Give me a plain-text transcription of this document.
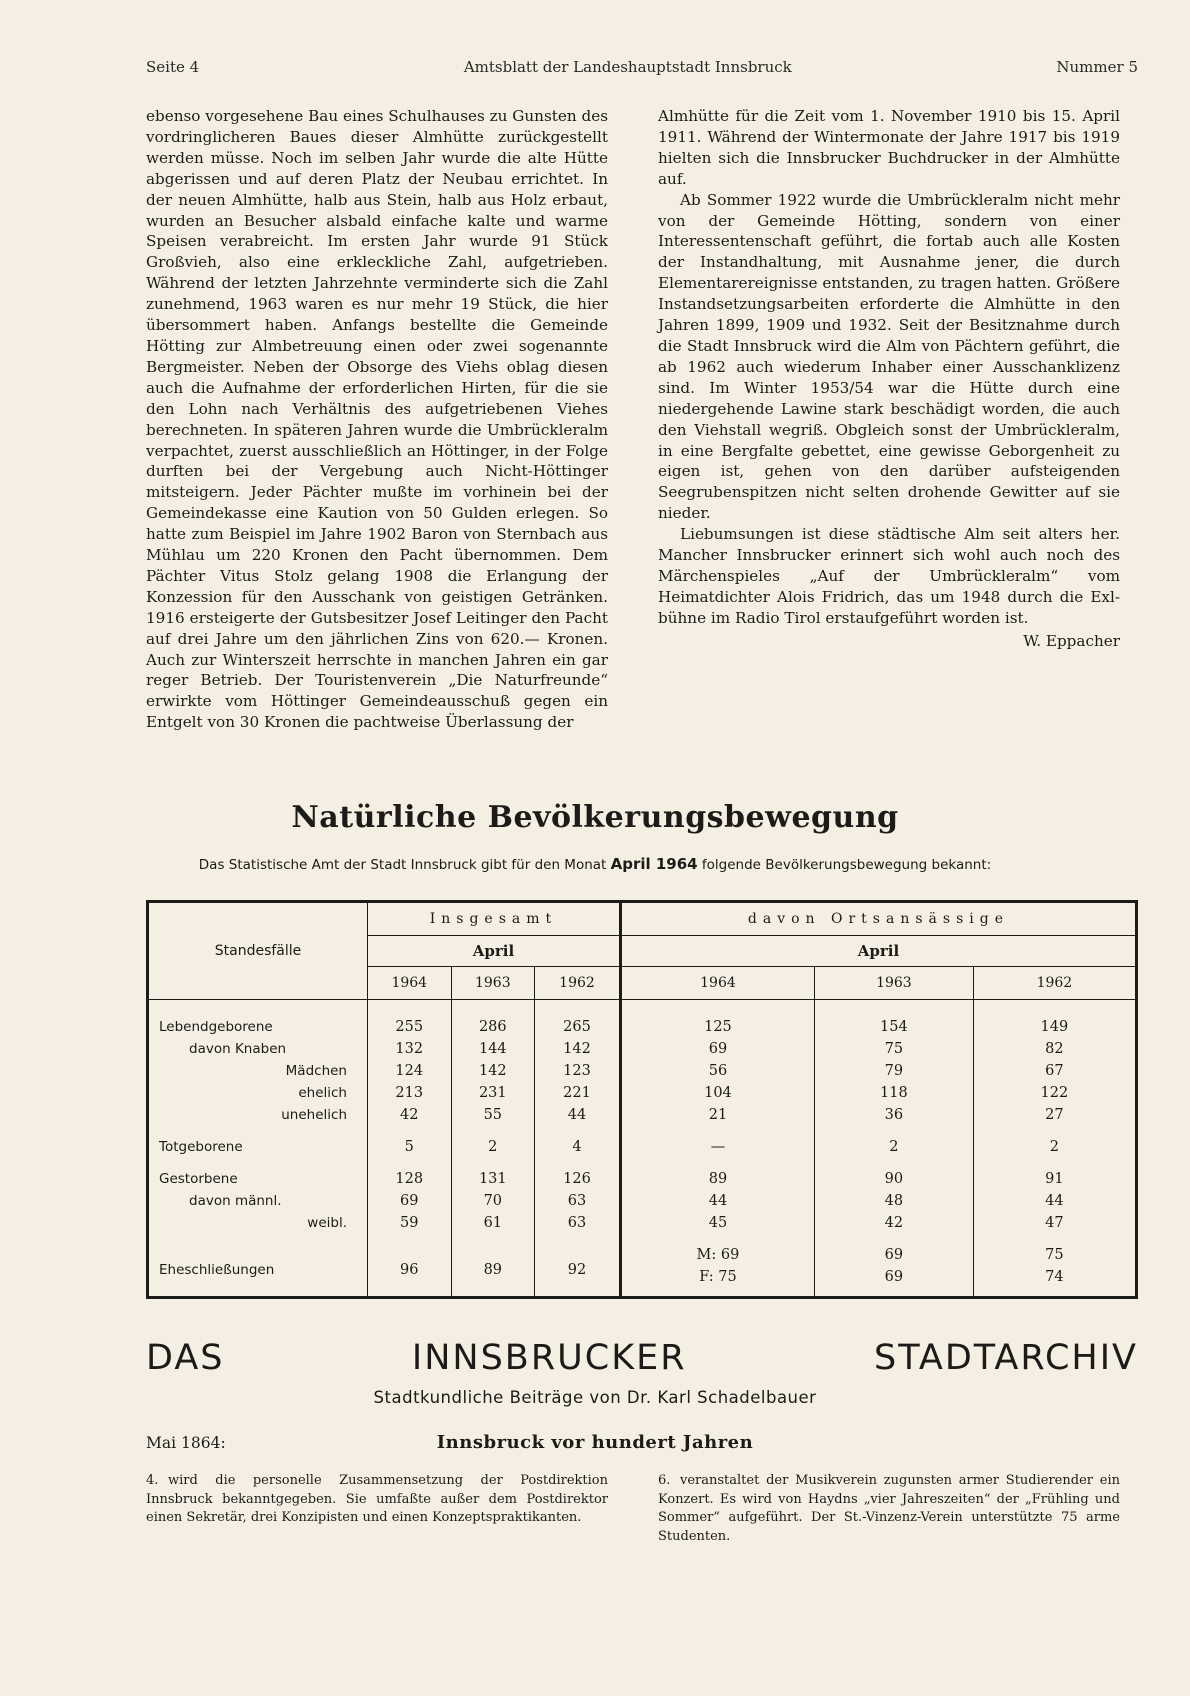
Seite 4	Amtsblatt der Landeshauptstadt Innsbruck	Nummer 5

ebenso vorgesehene Bau eines Schulhauses zu Gunsten des vordringlicheren Baues dieser Almhütte zurückgestellt werden müsse. Noch im selben Jahr wurde die alte Hütte abgerissen und auf deren Platz der Neubau errichtet. In der neuen Almhütte, halb aus Stein, halb aus Holz erbaut, wurden an Besucher alsbald einfache kalte und warme Speisen verabreicht. Im ersten Jahr wurde 91 Stück Großvieh, also eine erkleckliche Zahl, aufgetrieben. Während der letzten Jahrzehnte verminderte sich die Zahl zunehmend, 1963 waren es nur mehr 19 Stück, die hier übersommert haben. Anfangs bestellte die Gemeinde Hötting zur Almbetreuung einen oder zwei sogenannte Bergmeister. Neben der Obsorge des Viehs oblag diesen auch die Aufnahme der erforderlichen Hirten, für die sie den Lohn nach Verhältnis des aufgetriebenen Viehes berechneten. In späteren Jahren wurde die Umbrückleralm verpachtet, zuerst ausschließlich an Höttinger, in der Folge durften bei der Vergebung auch Nicht-Höttinger mitsteigern. Jeder Pächter mußte im vorhinein bei der Gemeindekasse eine Kaution von 50 Gulden erlegen. So hatte zum Beispiel im Jahre 1902 Baron von Sternbach aus Mühlau um 220 Kronen den Pacht übernommen. Dem Pächter Vitus Stolz gelang 1908 die Erlangung der Konzession für den Ausschank von geistigen Getränken. 1916 ersteigerte der Gutsbesitzer Josef Leitinger den Pacht auf drei Jahre um den jährlichen Zins von 620.— Kronen. Auch zur Winterszeit herrschte in manchen Jahren ein gar reger Betrieb. Der Touristenverein „Die Naturfreunde“ erwirkte vom Höttinger Gemeindeausschuß gegen ein Entgelt von 30 Kronen die pachtweise Überlassung der

Almhütte für die Zeit vom 1. November 1910 bis 15. April 1911. Während der Wintermonate der Jahre 1917 bis 1919 hielten sich die Innsbrucker Buchdrucker in der Almhütte auf.

Ab Sommer 1922 wurde die Umbrückleralm nicht mehr von der Gemeinde Hötting, sondern von einer Interessentenschaft geführt, die fortab auch alle Kosten der Instandhaltung, mit Ausnahme jener, die durch Elementarereignisse entstanden, zu tragen hatten. Größere Instandsetzungsarbeiten erforderte die Almhütte in den Jahren 1899, 1909 und 1932. Seit der Besitznahme durch die Stadt Innsbruck wird die Alm von Pächtern geführt, die ab 1962 auch wiederum Inhaber einer Ausschanklizenz sind. Im Winter 1953/54 war die Hütte durch eine niedergehende Lawine stark beschädigt worden, die auch den Viehstall wegriß. Obgleich sonst der Umbrückleralm, in eine Bergfalte gebettet, eine gewisse Geborgenheit zu eigen ist, gehen von den darüber aufsteigenden Seegrubenspitzen nicht selten drohende Gewitter auf sie nieder.

Liebumsungen ist diese städtische Alm seit alters her. Mancher Innsbrucker erinnert sich wohl auch noch des Märchenspieles „Auf der Umbrückleralm“ vom Heimatdichter Alois Fridrich, das um 1948 durch die Exl-bühne im Radio Tirol erstaufgeführt worden ist.

W. Eppacher

Natürliche Bevölkerungsbewegung
Das Statistische Amt der Stadt Innsbruck gibt für den Monat April 1964 folgende Bevölkerungsbewegung bekannt:
Standesfälle	Insgesamt			davon Ortsansässige		
	April			April		
	1964	1963	1962	1964	1963	1962
Lebendgeborene	255	286	265	125	154	149
davon Knaben	132	144	142	69	75	82
Mädchen	124	142	123	56	79	67
ehelich	213	231	221	104	118	122
unehelich	42	55	44	21	36	27
Totgeborene	5	2	4	—	2	2
Gestorbene	128	131	126	89	90	91
davon männl.	69	70	63	44	48	44
weibl.	59	61	63	45	42	47
Eheschließungen	96	89	92	M: 69	69	75
				F: 75	69	74
DAS	INNSBRUCKER	STADTARCHIV
Stadtkundliche Beiträge von Dr. Karl Schadelbauer
Mai 1864:	Innsbruck vor hundert Jahren
4. wird die personelle Zusammensetzung der Postdirektion Innsbruck bekanntgegeben. Sie umfaßte außer dem Postdirektor einen Sekretär, drei Konzipisten und einen Konzeptspraktikanten.
6. veranstaltet der Musikverein zugunsten armer Studierender ein Konzert. Es wird von Haydns „vier Jahreszeiten“ der „Frühling und Sommer“ aufgeführt. Der St.-Vinzenz-Verein unterstützte 75 arme Studenten.
